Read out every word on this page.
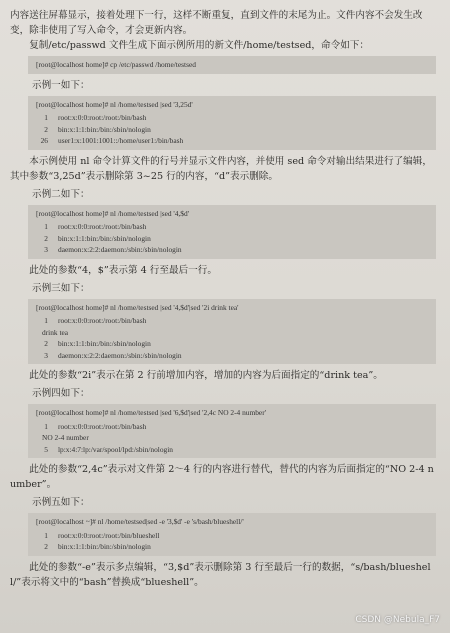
内容送往屏幕显示，接着处理下一行，这样不断重复，直到文件的末尾为止。文件内容不会发生改变，除非使用了写入命令，才会更新内容。

复制/etc/passwd 文件生成下面示例所用的新文件/home/testsed，命令如下：

[root@localhost home]# cp /etc/passwd /home/testsed
示例一如下：
[root@localhost home]# nl /home/testsed |sed '3,25d'
1	root:x:0:0:root:/root:/bin/bash
2	bin:x:1:1:bin:/bin:/sbin/nologin
26	user1:x:1001:1001::/home/user1:/bin/bash

本示例使用 nl 命令计算文件的行号并显示文件内容，并使用 sed 命令对输出结果进行了编辑，其中参数“3,25d”表示删除第 3~25 行的内容，“d”表示删除。

示例二如下：
[root@localhost home]# nl /home/testsed |sed '4,$d'
1	root:x:0:0:root:/root:/bin/bash
2	bin:x:1:1:bin:/bin:/sbin/nologin
3	daemon:x:2:2:daemon:/sbin:/sbin/nologin

此处的参数“4，$”表示第 4 行至最后一行。

示例三如下：
[root@localhost home]# nl /home/testsed |sed '4,$d'|sed '2i drink tea'
1	root:x:0:0:root:/root:/bin/bash
drink tea
2	bin:x:1:1:bin:/bin:/sbin/nologin
3	daemon:x:2:2:daemon:/sbin:/sbin/nologin

此处的参数“2i”表示在第 2 行前增加内容，增加的内容为后面指定的“drink tea”。

示例四如下：
[root@localhost home]# nl /home/testsed |sed '6,$d'|sed '2,4c NO 2-4 number'
1	root:x:0:0:root:/root:/bin/bash
NO 2-4 number
5	lp:x:4:7:lp:/var/spool/lpd:/sbin/nologin

此处的参数“2,4c”表示对文件第 2～4 行的内容进行替代，替代的内容为后面指定的“NO 2-4 number”。

示例五如下：
[root@localhost ~]# nl /home/testsed|sed -e '3,$d' -e 's/bash/blueshell/'
1	root:x:0:0:root:/root:/bin/blueshell
2	bin:x:1:1:bin:/bin:/sbin/nologin

此处的参数“-e”表示多点编辑，“3,$d”表示删除第 3 行至最后一行的数据，“s/bash/blueshell/”表示将文中的“bash”替换成“blueshell”。

CSDN @Nebula_F7
